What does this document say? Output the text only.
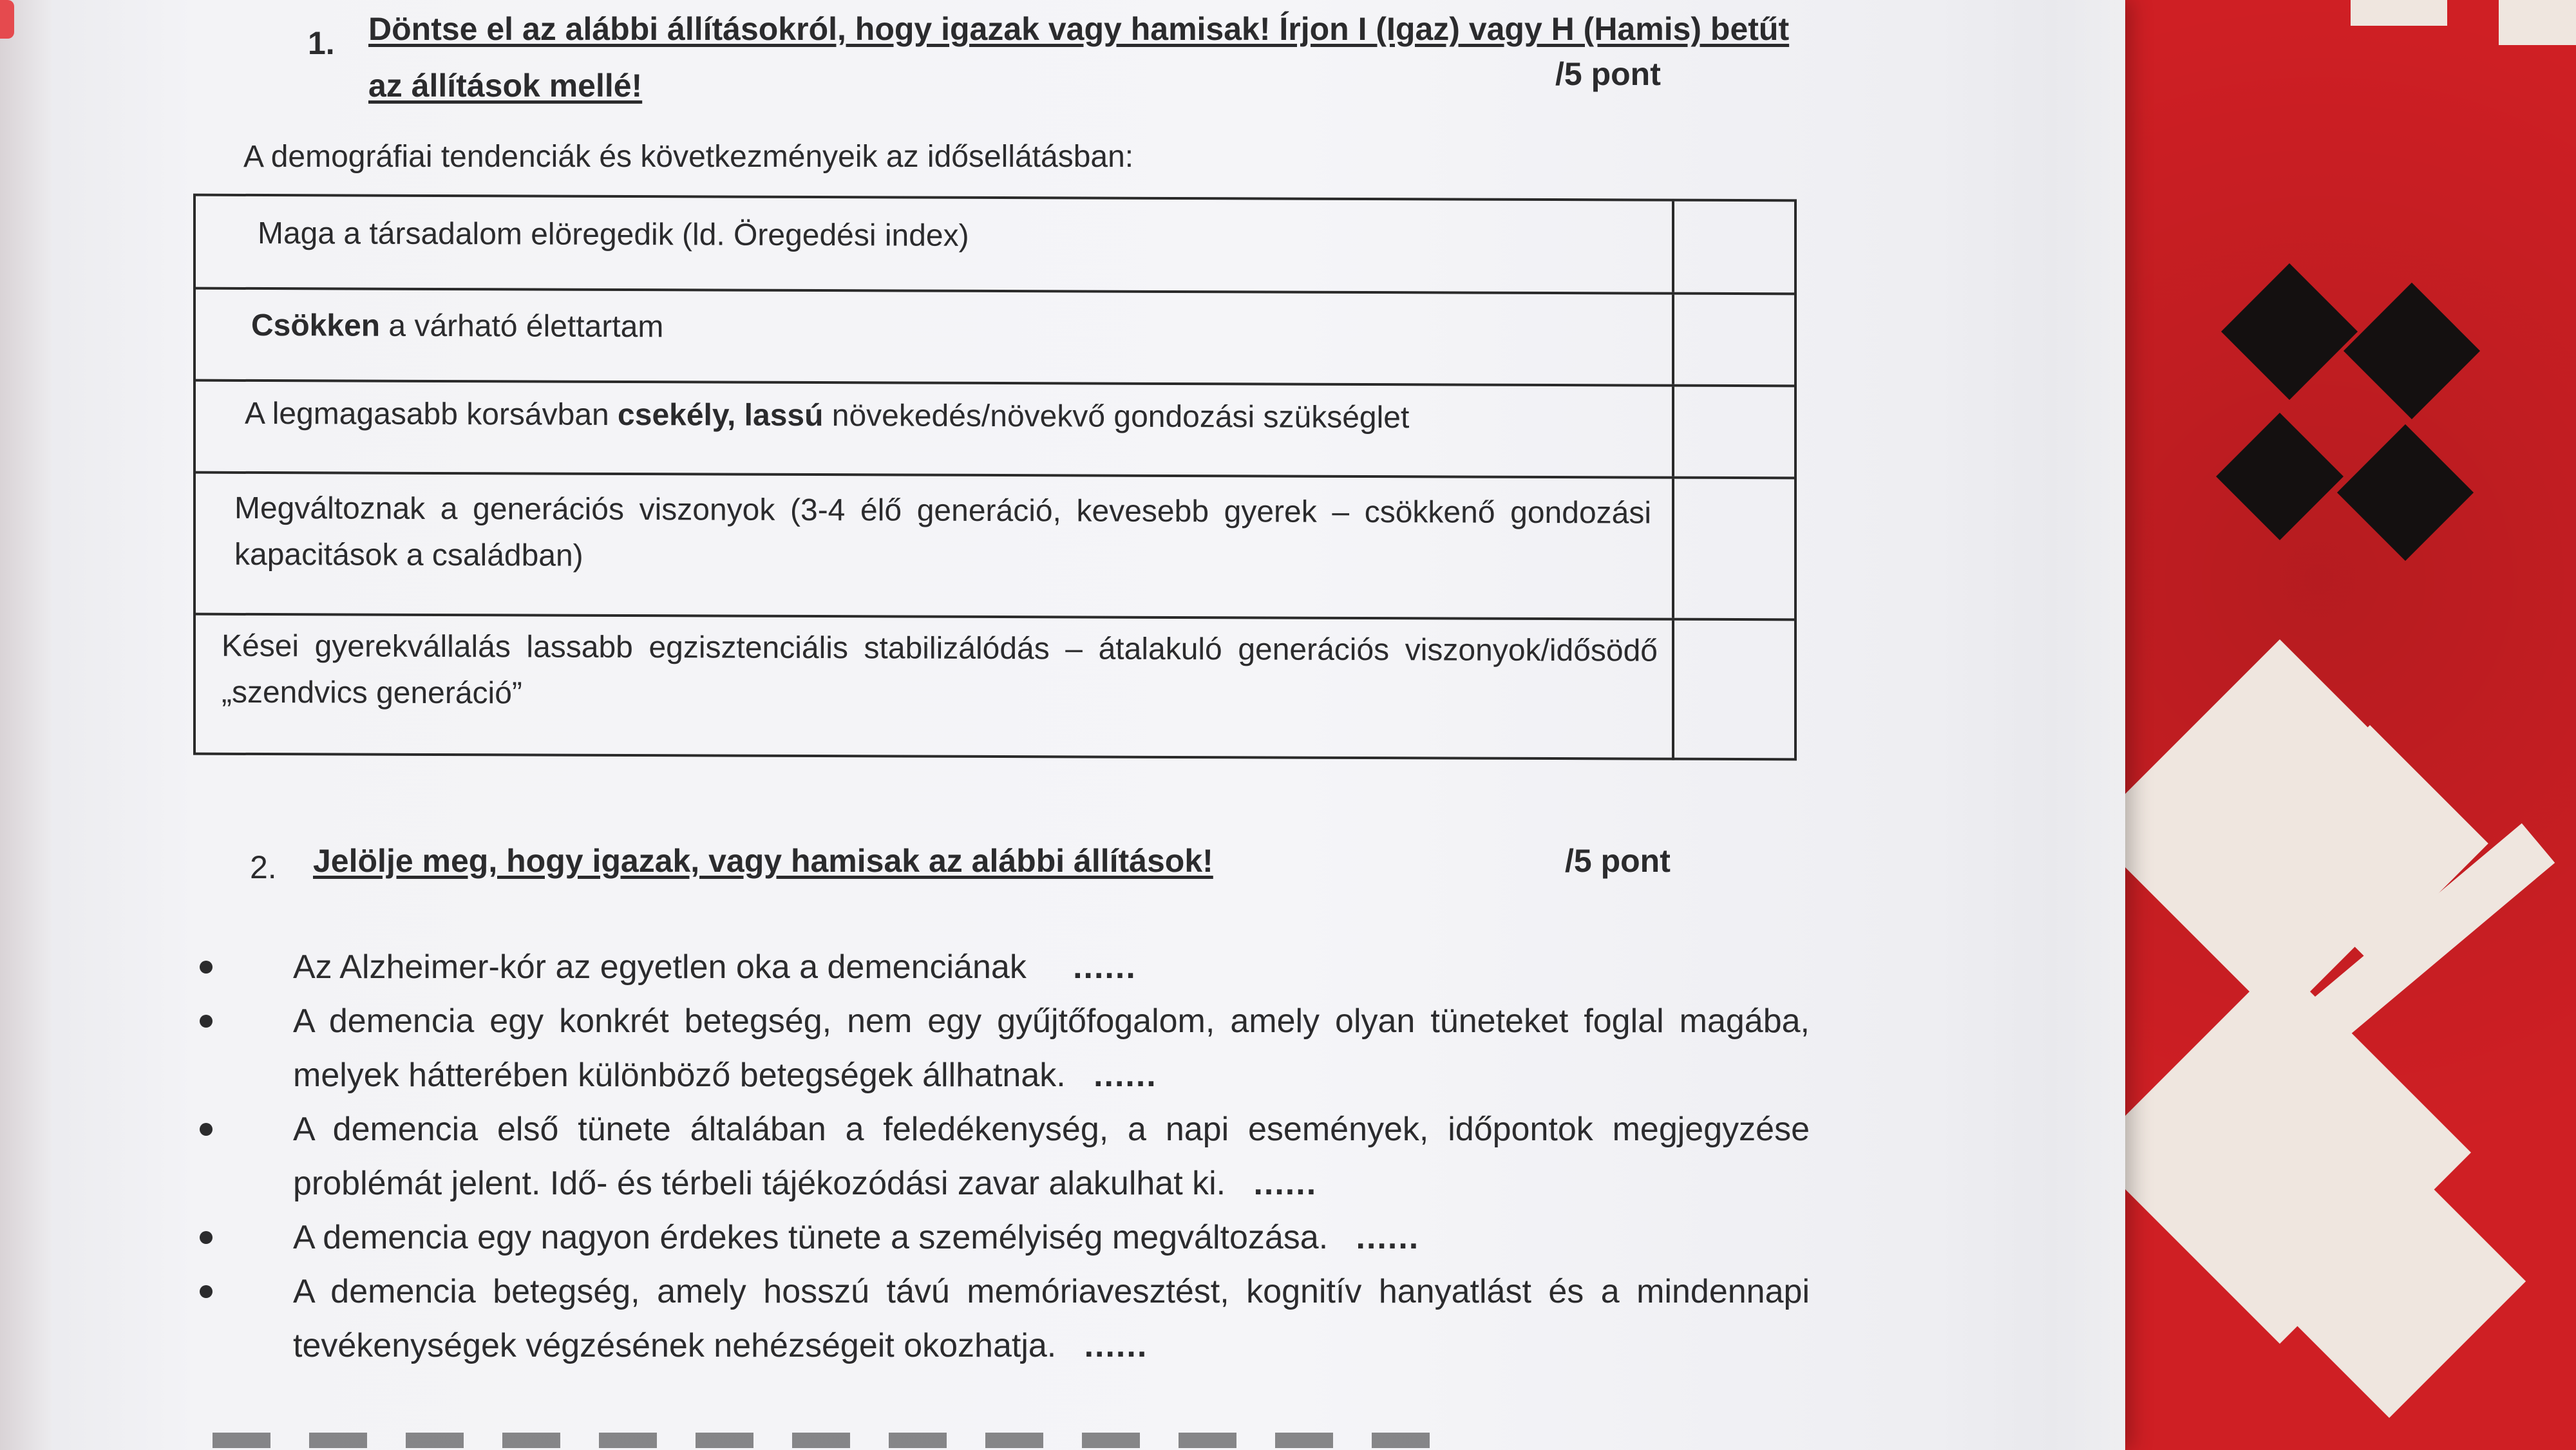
1. Döntse el az alábbi állításokról, hogy igazak vagy hamisak! Írjon I (Igaz) vagy H (Hamis) betűt
az állítások mellé!	/5 pont
A demográfiai tendenciák és következményeik az idősellátásban:
Maga a társadalom elöregedik (ld. Öregedési index)
Csökken a várható élettartam
A legmagasabb korsávban csekély, lassú növekedés/növekvő gondozási szükséglet
Megváltoznak a generációs viszonyok (3-4 élő generáció, kevesebb gyerek – csökkenő gondozási kapacitások a családban)
Kései gyerekvállalás lassabb egzisztenciális stabilizálódás – átalakuló generációs viszonyok/idősödő „szendvics generáció”
2. Jelölje meg, hogy igazak, vagy hamisak az alábbi állítások!	/5 pont
Az Alzheimer-kór az egyetlen oka a demenciának ......
A demencia egy konkrét betegség, nem egy gyűjtőfogalom, amely olyan tüneteket foglal magába, melyek hátterében különböző betegségek állhatnak. ......
A demencia első tünete általában a feledékenység, a napi események, időpontok megjegyzése problémát jelent. Idő- és térbeli tájékozódási zavar alakulhat ki. ......
A demencia egy nagyon érdekes tünete a személyiség megváltozása. ......
A demencia betegség, amely hosszú távú memóriavesztést, kognitív hanyatlást és a mindennapi tevékenységek végzésének nehézségeit okozhatja. ......
